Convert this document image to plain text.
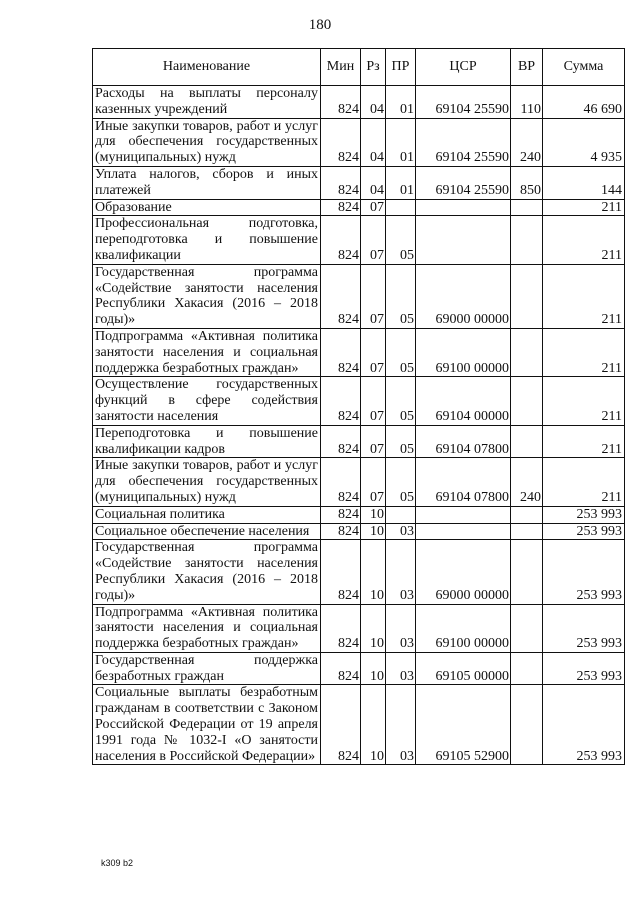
180
Наименование	Мин	Рз	ПР	ЦСР	ВР	Сумма
Расходы на выплаты персоналу казенных учреждений	824	04	01	69104 25590	110	46 690
Иные закупки товаров, работ и услуг для обеспечения государственных (муниципальных) нужд	824	04	01	69104 25590	240	4 935
Уплата налогов, сборов и иных платежей	824	04	01	69104 25590	850	144
Образование	824	07				211
Профессиональная подготовка, переподготовка и повышение квалификации	824	07	05			211
Государственная программа «Содействие занятости населения Республики Хакасия (2016 – 2018 годы)»	824	07	05	69000 00000		211
Подпрограмма «Активная политика занятости населения и социальная поддержка безработных граждан»	824	07	05	69100 00000		211
Осуществление государственных функций в сфере содействия занятости населения	824	07	05	69104 00000		211
Переподготовка и повышение квалификации кадров	824	07	05	69104 07800		211
Иные закупки товаров, работ и услуг для обеспечения государственных (муниципальных) нужд	824	07	05	69104 07800	240	211
Социальная политика	824	10				253 993
Социальное обеспечение населения	824	10	03			253 993
Государственная программа «Содействие занятости населения Республики Хакасия (2016 – 2018 годы)»	824	10	03	69000 00000		253 993
Подпрограмма «Активная политика занятости населения и социальная поддержка безработных граждан»	824	10	03	69100 00000		253 993
Государственная поддержка безработных граждан	824	10	03	69105 00000		253 993
Социальные выплаты безработным гражданам в соответствии с Законом Российской Федерации от 19 апреля 1991 года № 1032-I «О занятости населения в Российской Федерации»	824	10	03	69105 52900		253 993
k309 b2
